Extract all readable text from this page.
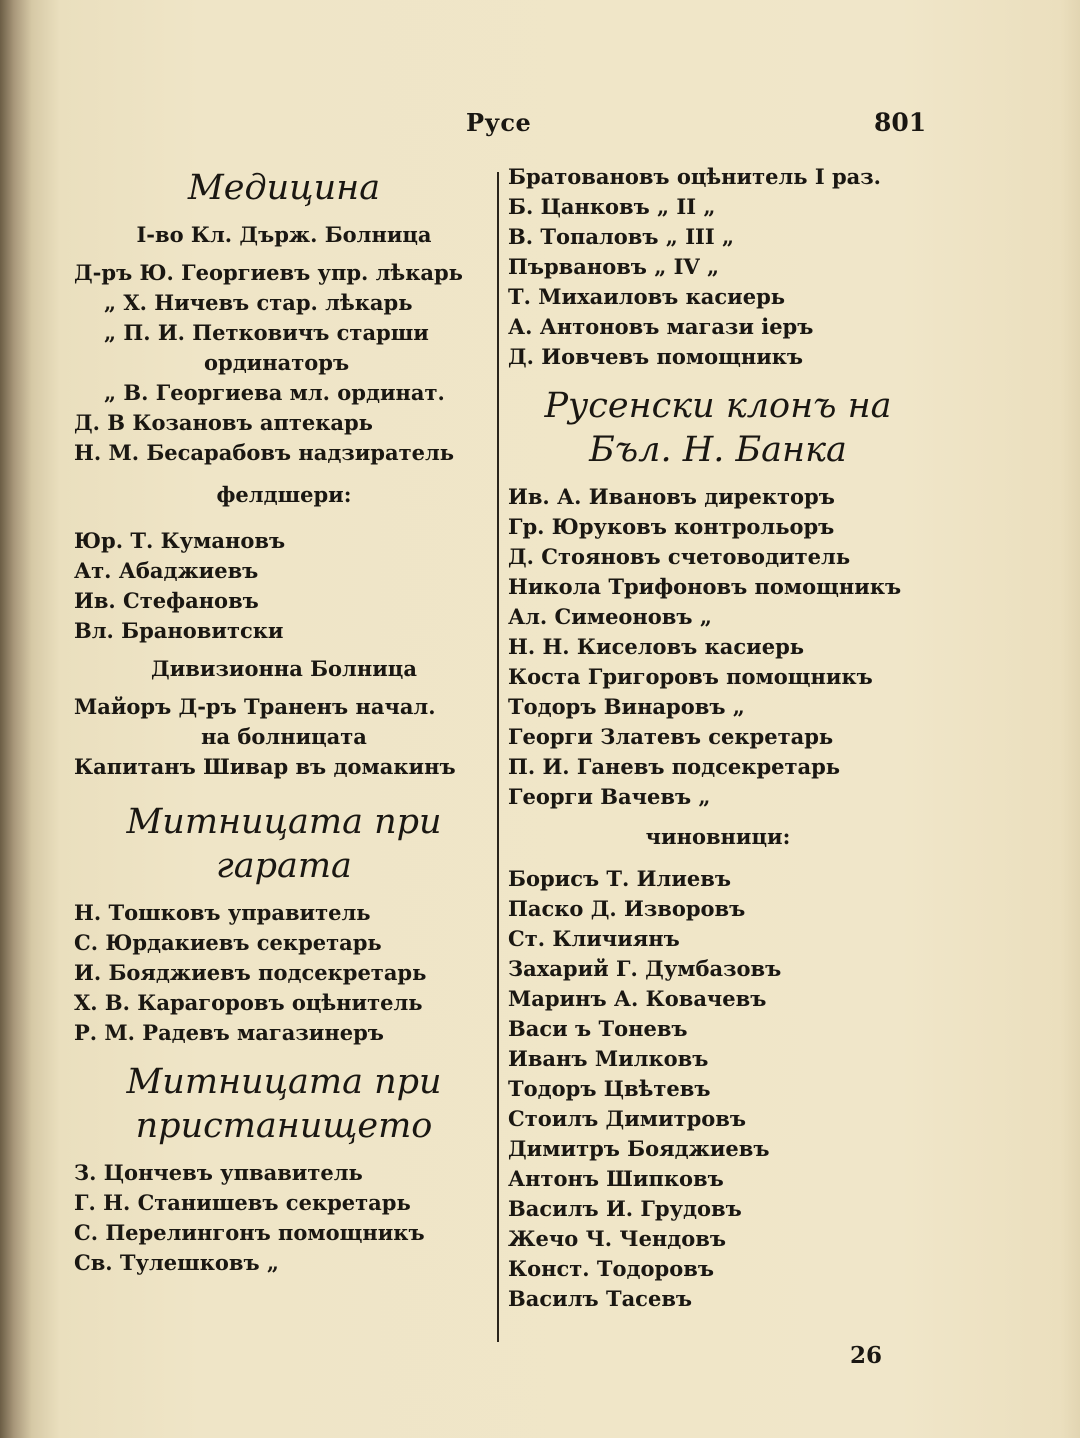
Русе	801
Медицина
I-во Кл. Държ. Болница
Д-ръ Ю. Георгиевъ упр. лѣкарь
„ Х. Ничевъ стар. лѣкарь
„ П. И. Петковичъ старши
ординаторъ
„ В. Георгиева мл. ординат.
Д. В Козановъ аптекарь
Н. М. Бесарабовъ надзиратель
фелдшери:
Юр. Т. Кумановъ
Ат. Абаджиевъ
Ив. Стефановъ
Вл. Брановитски
Дивизионна Болница
Майоръ Д-ръ Траненъ начал.
на болницата
Капитанъ Шивар въ домакинъ
Митницата при
гарата
Н. Тошковъ управитель
С. Юрдакиевъ секретарь
И. Бояджиевъ подсекретарь
Х. В. Карагоровъ оцѣнитель
Р. М. Радевъ магазинеръ
Митницата при
пристанището
З. Цончевъ упвавитель
Г. Н. Станишевъ секретарь
С. Перелингонъ помощникъ
Св. Тулешковъ „
Братовановъ оцѣнитель I раз.
Б. Цанковъ „ II „
В. Топаловъ „ III „
Първановъ „ IV „
Т. Михаиловъ касиерь
А. Антоновъ магази іеръ
Д. Иовчевъ помощникъ
Русенски клонъ на
Бъл. Н. Банка
Ив. А. Ивановъ директоръ
Гр. Юруковъ контрольоръ
Д. Стояновъ счетоводитель
Никола Трифоновъ помощникъ
Ал. Симеоновъ „
Н. Н. Киселовъ касиерь
Коста Григоровъ помощникъ
Тодоръ Винаровъ „
Георги Златевъ секретарь
П. И. Ганевъ подсекретарь
Георги Вачевъ „
чиновници:
Борисъ Т. Илиевъ
Паско Д. Изворовъ
Ст. Кличиянъ
Захарий Г. Думбазовъ
Маринъ А. Ковачевъ
Васи ъ Тоневъ
Иванъ Милковъ
Тодоръ Цвѣтевъ
Стоилъ Димитровъ
Димитръ Бояджиевъ
Антонъ Шипковъ
Василъ И. Грудовъ
Жечо Ч. Чендовъ
Конст. Тодоровъ
Василъ Тасевъ
26
